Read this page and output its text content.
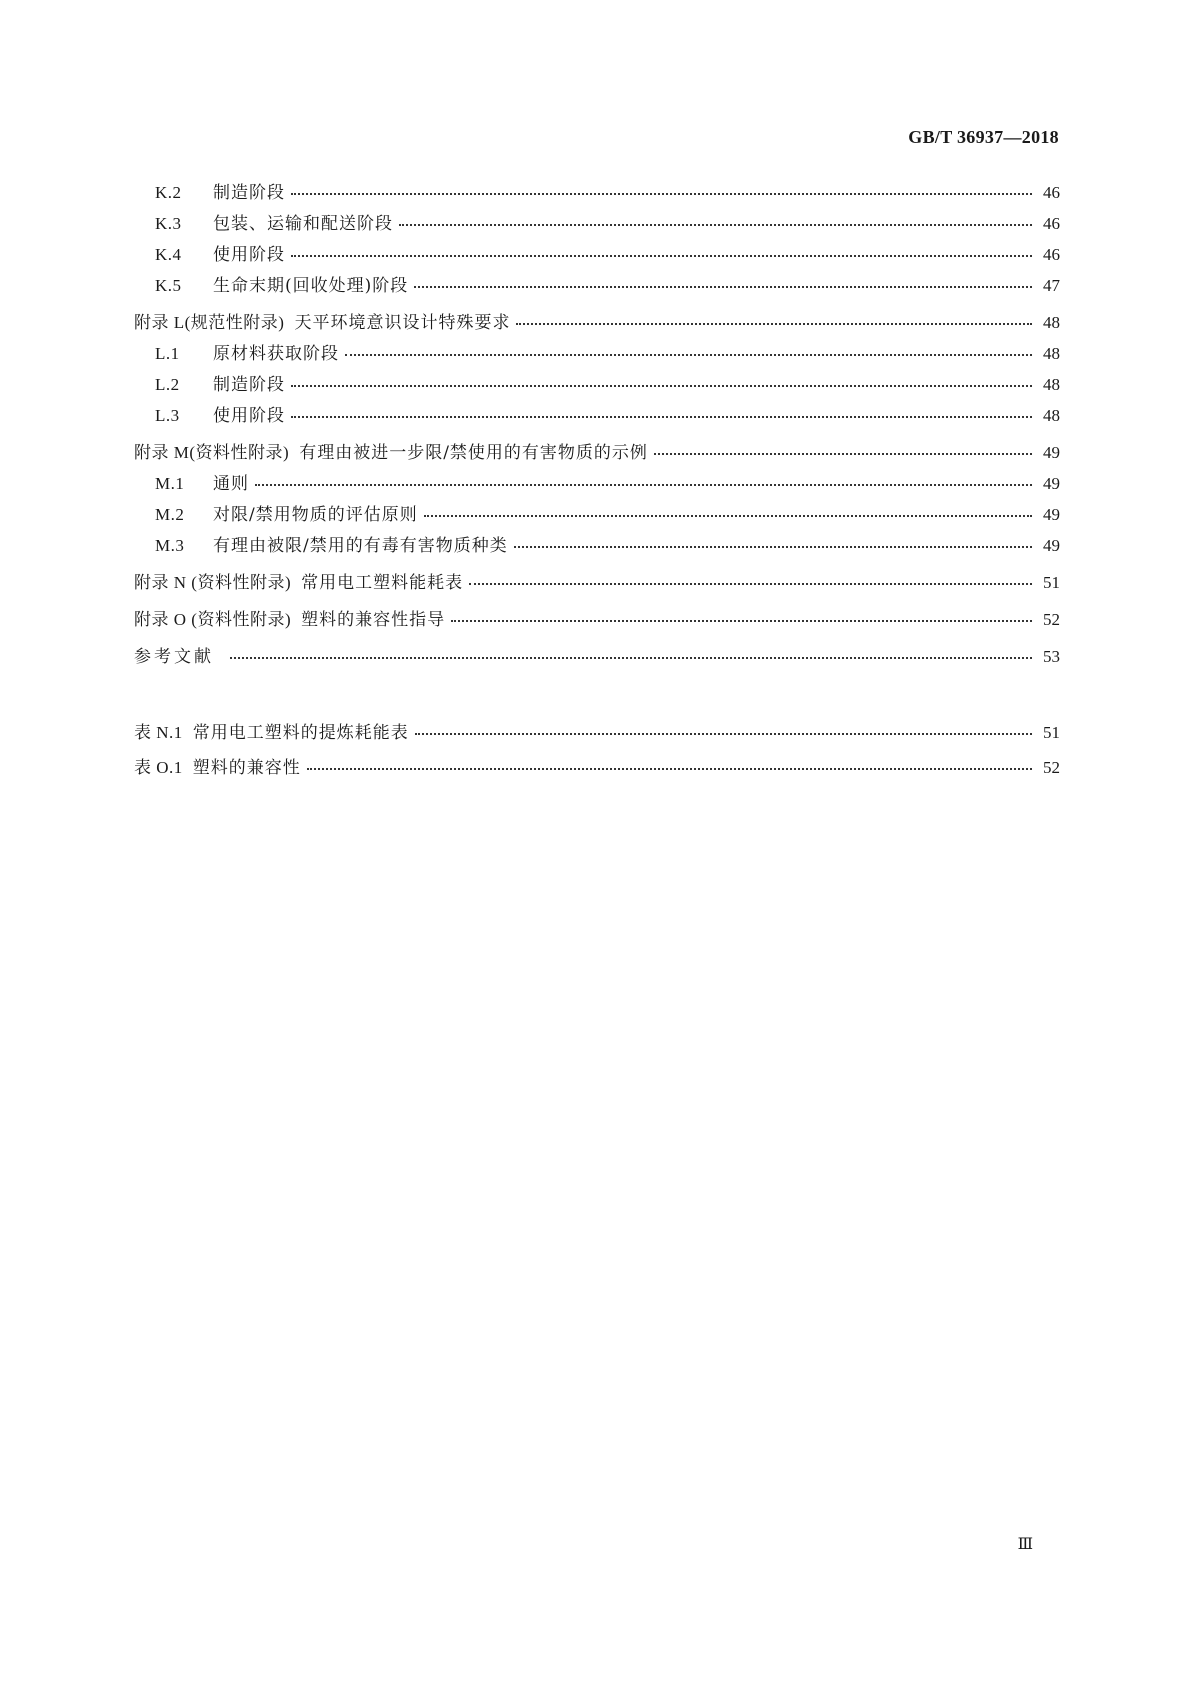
GB/T 36937—2018
K.2	制造阶段	46
K.3	包装、运输和配送阶段	46
K.4	使用阶段	46
K.5	生命末期(回收处理)阶段	47
附录 L(规范性附录) 天平环境意识设计特殊要求	48
L.1	原材料获取阶段	48
L.2	制造阶段	48
L.3	使用阶段	48
附录 M(资料性附录) 有理由被进一步限/禁使用的有害物质的示例	49
M.1	通则	49
M.2	对限/禁用物质的评估原则	49
M.3	有理由被限/禁用的有毒有害物质种类	49
附录 N (资料性附录) 常用电工塑料能耗表	51
附录 O (资料性附录) 塑料的兼容性指导	52
参考文献	53
表 N.1 常用电工塑料的提炼耗能表	51
表 O.1 塑料的兼容性	52
Ⅲ
